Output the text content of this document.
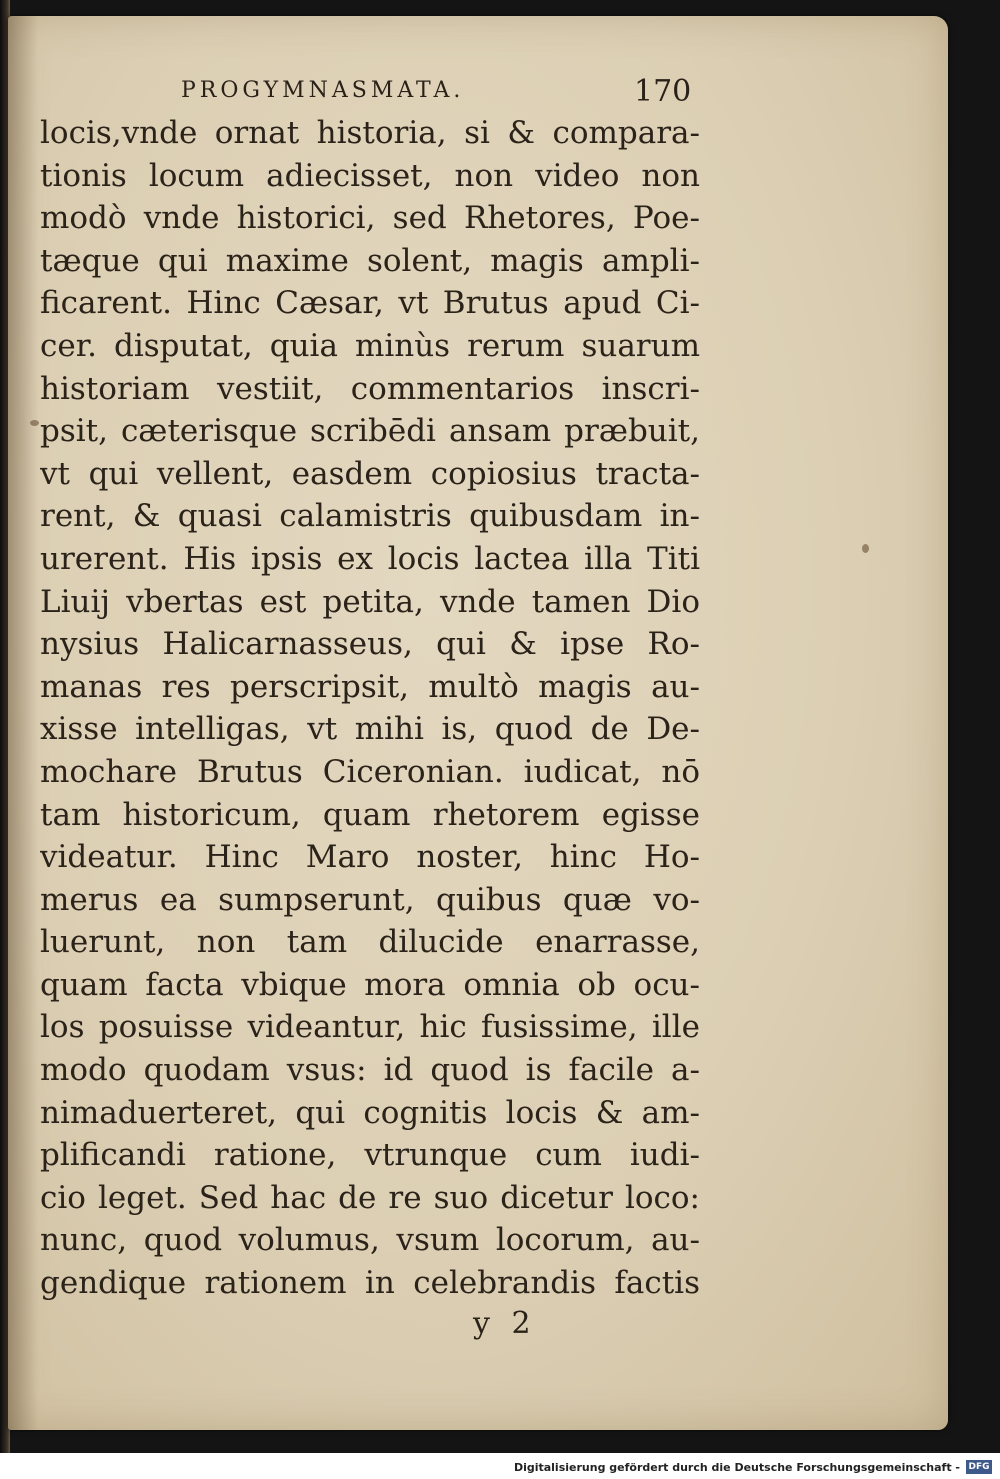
PROGYMNASMATA.	170
locis,vnde ornat historia, si & compara-
tionis locum adiecisset, non video non
modò vnde historici, sed Rhetores, Poe-
tæque qui maxime solent, magis ampli-
ficarent. Hinc Cæsar, vt Brutus apud Ci-
cer. disputat, quia minùs rerum suarum
historiam vestiit, commentarios inscri-
psit, cæterisque scribēdi ansam præbuit,
vt qui vellent, easdem copiosius tracta-
rent, & quasi calamistris quibusdam in-
urerent. His ipsis ex locis lactea illa Titi
Liuij vbertas est petita, vnde tamen Dio
nysius Halicarnasseus, qui & ipse Ro-
manas res perscripsit, multò magis au-
xisse intelligas, vt mihi is, quod de De-
mochare Brutus Ciceronian. iudicat, nō
tam historicum, quam rhetorem egisse
videatur. Hinc Maro noster, hinc Ho-
merus ea sumpserunt, quibus quæ vo-
luerunt, non tam dilucide enarrasse,
quam facta vbique mora omnia ob ocu-
los posuisse videantur, hic fusissime, ille
modo quodam vsus: id quod is facile a-
nimaduerteret, qui cognitis locis & am-
plificandi ratione, vtrunque cum iudi-
cio leget. Sed hac de re suo dicetur loco:
nunc, quod volumus, vsum locorum, au-
gendique rationem in celebrandis factis
y 2
Digitalisierung gefördert durch die Deutsche Forschungsgemeinschaft - DFG
